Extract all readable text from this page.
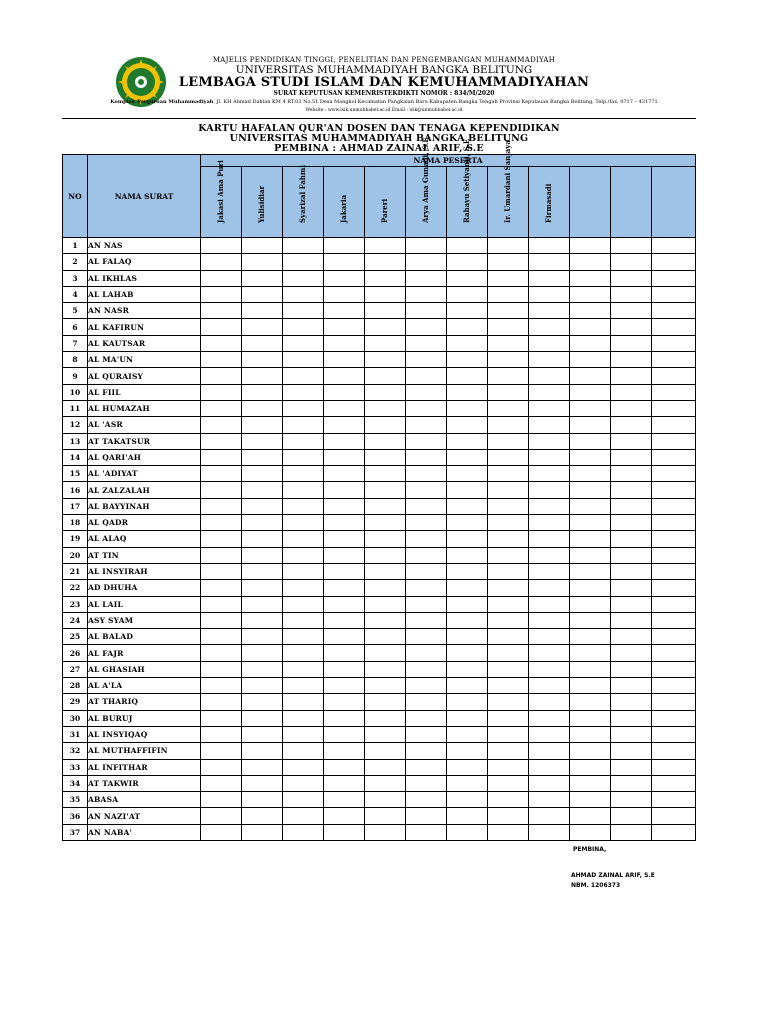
MAJELIS PENDIDIKAN TINGGI, PENELITIAN DAN PENGEMBANGAN MUHAMMADIYAH
UNIVERSITAS MUHAMMADIYAH BANGKA BELITUNG
LEMBAGA STUDI ISLAM DAN KEMUHAMMADIYAHAN
SURAT KEPUTUSAN KEMENRISTEKDIKTI NOMOR : 834/M/2020
Komplek Perguruan Muhammadiyah, Jl. KH Ahmad Dahlan KM 4 RT.03 No.51 Desa Mangkol Kecamatan Pangkalan Baru Kabupaten Bangka Tengah Provinsi Kepulauan Bangka Belitung, Telp./fax. 0717 – 431771
Website : www.lsik.unmuhbabel.ac.id Email : lsik@unmuhbabel.ac.id
KARTU HAFALAN QUR'AN DOSEN DAN TENAGA KEPENDIDIKAN
UNIVERSITAS MUHAMMADIYAH BANGKA BELITUNG
PEMBINA : AHMAD ZAINAL ARIF, S.E
NO	NAMA SURAT	NAMA PESERTA											

		Jakasi Ama Puri	Yulisidiar	Syarizal Fahmi	Jakaria	Pareri	Arya Ama Gunadi, S.E	Rahayu Setiyanti, S.E	Ir. Umardani Sanjaya	Firmasadi			

1	AN NAS												
2	AL FALAQ												
3	AL IKHLAS												
4	AL LAHAB												
5	AN NASR												
6	AL KAFIRUN												
7	AL KAUTSAR												
8	AL MA'UN												
9	AL QURAISY												
10	AL FIIL												
11	AL HUMAZAH												
12	AL 'ASR												
13	AT TAKATSUR												
14	AL QARI'AH												
15	AL 'ADIYAT												
16	AL ZALZALAH												
17	AL BAYYINAH												
18	AL QADR												
19	AL ALAQ												
20	AT TIN												
21	AL INSYIRAH												
22	AD DHUHA												
23	AL LAIL												
24	ASY SYAM												
25	AL BALAD												
26	AL FAJR												
27	AL GHASIAH												
28	AL A'LA												
29	AT THARIQ												
30	AL BURUJ												
31	AL INSYIQAQ												
32	AL MUTHAFFIFIN												
33	AL INFITHAR												
34	AT TAKWIR												
35	ABASA												
36	AN NAZI'AT												
37	AN NABA'												
PEMBINA,
AHMAD ZAINAL ARIF, S.E
NBM. 1206373
